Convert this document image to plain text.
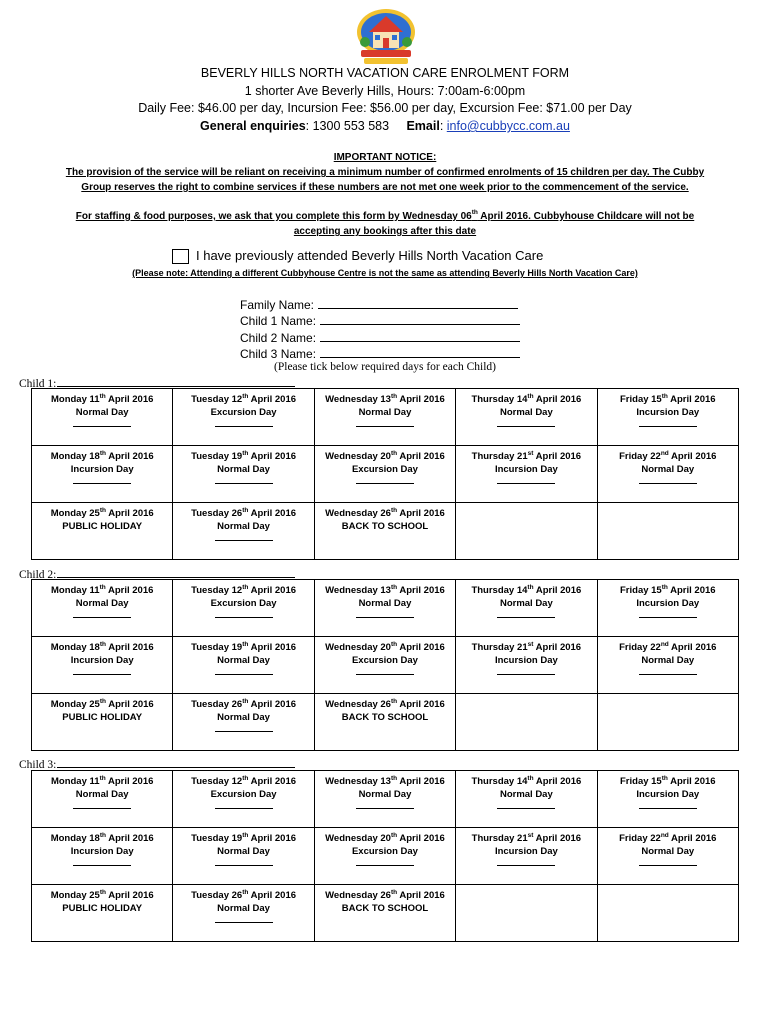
BEVERLY HILLS NORTH VACATION CARE ENROLMENT FORM
1 shorter Ave Beverly Hills, Hours: 7:00am-6:00pm
Daily Fee: $46.00 per day, Incursion Fee: $56.00 per day, Excursion Fee: $71.00 per Day
General enquiries: 1300 553 583 Email: info@cubbycc.com.au
IMPORTANT NOTICE:
The provision of the service will be reliant on receiving a minimum number of confirmed enrolments of 15 children per day. The Cubby
Group reserves the right to combine services if these numbers are not met one week prior to the commencement of the service.
For staffing & food purposes, we ask that you complete this form by Wednesday 06th April 2016. Cubbyhouse Childcare will not be
accepting any bookings after this date
I have previously attended Beverly Hills North Vacation Care
(Please note: Attending a different Cubbyhouse Centre is not the same as attending Beverly Hills North Vacation Care)
Family Name:
Child 1 Name:
Child 2 Name:
Child 3 Name:
(Please tick below required days for each Child)
Child 1:
Monday 11th April 2016
Normal Day	Tuesday 12th April 2016
Excursion Day	Wednesday 13th April 2016
Normal Day	Thursday 14th April 2016
Normal Day	Friday 15th April 2016
Incursion Day

Monday 18th April 2016
Incursion Day	Tuesday 19th April 2016
Normal Day	Wednesday 20th April 2016
Excursion Day	Thursday 21st April 2016
Incursion Day	Friday 22nd April 2016
Normal Day

Monday 25th April 2016
PUBLIC HOLIDAY	Tuesday 26th April 2016
Normal Day	Wednesday 26th April 2016
BACK TO SCHOOL		

Child 2:
Monday 11th April 2016
Normal Day	Tuesday 12th April 2016
Excursion Day	Wednesday 13th April 2016
Normal Day	Thursday 14th April 2016
Normal Day	Friday 15th April 2016
Incursion Day

Monday 18th April 2016
Incursion Day	Tuesday 19th April 2016
Normal Day	Wednesday 20th April 2016
Excursion Day	Thursday 21st April 2016
Incursion Day	Friday 22nd April 2016
Normal Day

Monday 25th April 2016
PUBLIC HOLIDAY	Tuesday 26th April 2016
Normal Day	Wednesday 26th April 2016
BACK TO SCHOOL		

Child 3:
Monday 11th April 2016
Normal Day	Tuesday 12th April 2016
Excursion Day	Wednesday 13th April 2016
Normal Day	Thursday 14th April 2016
Normal Day	Friday 15th April 2016
Incursion Day

Monday 18th April 2016
Incursion Day	Tuesday 19th April 2016
Normal Day	Wednesday 20th April 2016
Excursion Day	Thursday 21st April 2016
Incursion Day	Friday 22nd April 2016
Normal Day

Monday 25th April 2016
PUBLIC HOLIDAY	Tuesday 26th April 2016
Normal Day	Wednesday 26th April 2016
BACK TO SCHOOL		
